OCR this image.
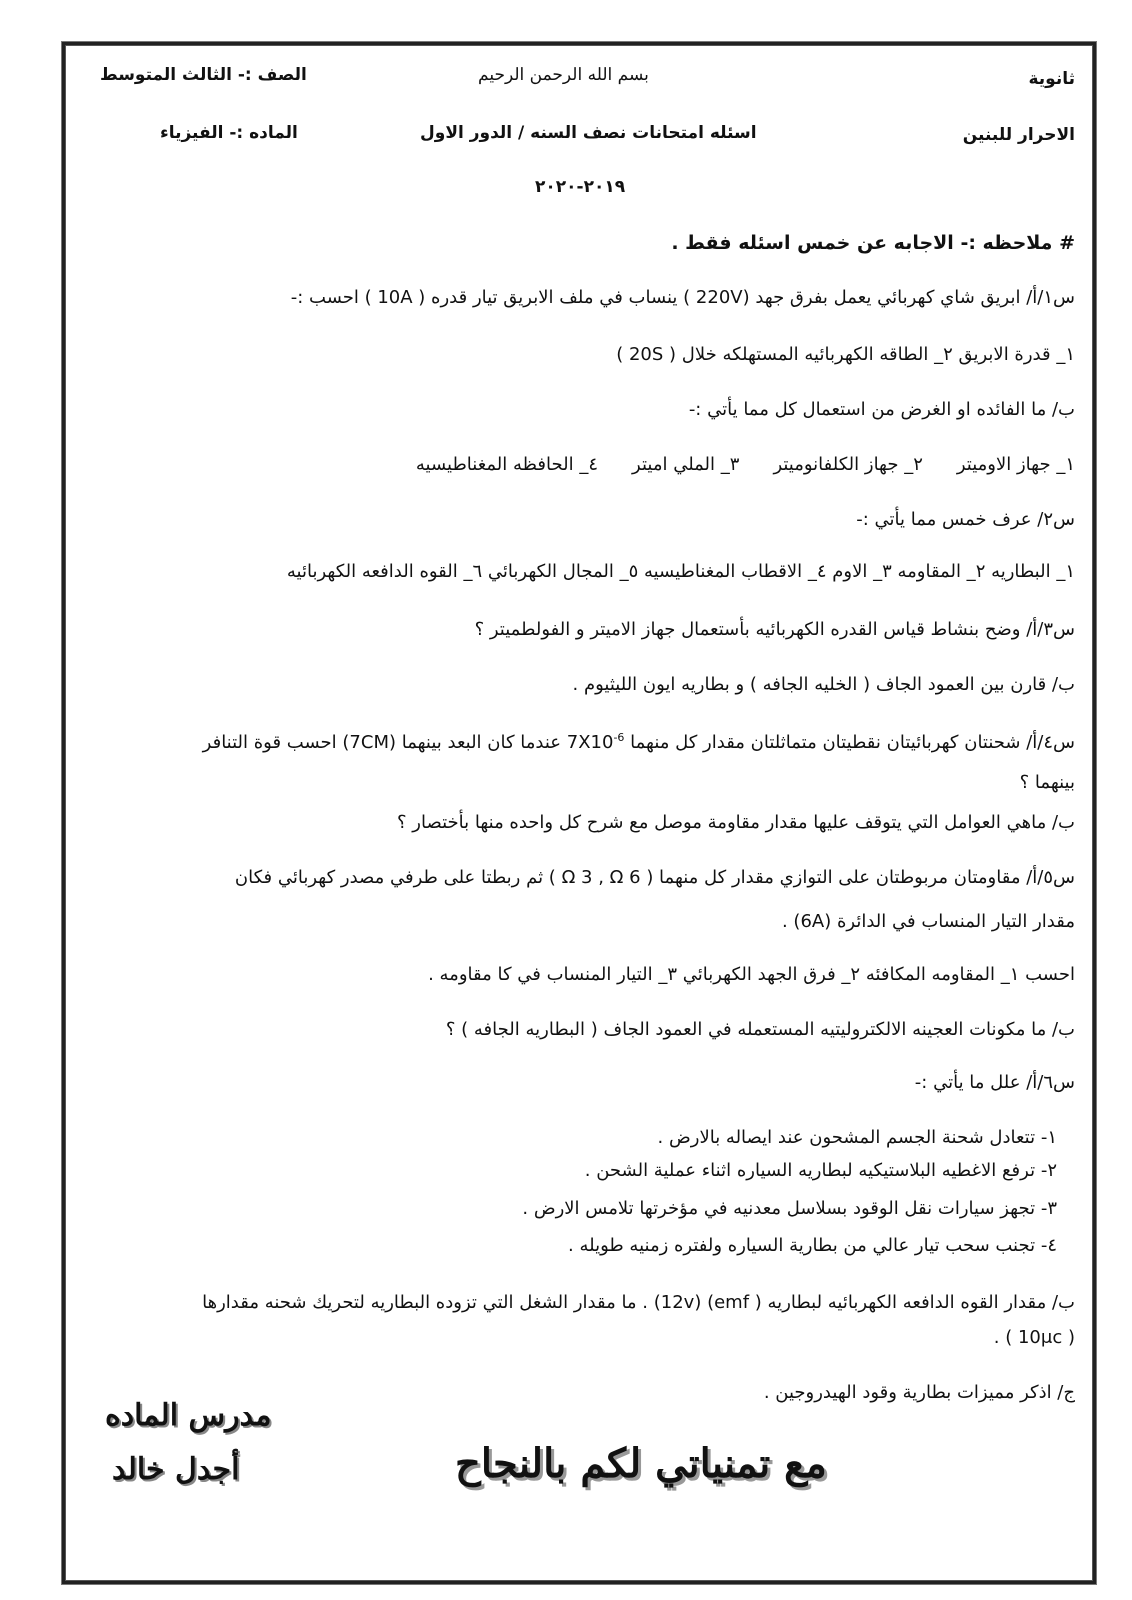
ثانوية
الاحرار للبنين
بسم الله الرحمن الرحيم
اسئله امتحانات نصف السنه / الدور الاول
٢٠١٩-٢٠٢٠
الصف :- الثالث المتوسط
الماده :- الفيزياء
# ملاحظه :- الاجابه عن خمس اسئله فقط .
س١/أ/ ابريق شاي كهربائي يعمل بفرق جهد (220V ) ينساب في ملف الابريق تيار قدره ( 10A ) احسب :-
١_ قدرة الابريق ٢_ الطاقه الكهربائيه المستهلكه خلال ( 20S )
ب/ ما الفائده او الغرض من استعمال كل مما يأتي :-
١_ جهاز الاوميتر٢_ جهاز الكلفانوميتر٣_ الملي اميتر٤_ الحافظه المغناطيسيه
س٢/ عرف خمس مما يأتي :-
١_ البطاريه ٢_ المقاومه ٣_ الاوم ٤_ الاقطاب المغناطيسيه ٥_ المجال الكهربائي ٦_ القوه الدافعه الكهربائيه
س٣/أ/ وضح بنشاط قياس القدره الكهربائيه بأستعمال جهاز الاميتر و الفولطميتر ؟
ب/ قارن بين العمود الجاف ( الخليه الجافه ) و بطاريه ايون الليثيوم .
س٤/أ/ شحنتان كهربائيتان نقطيتان متماثلتان مقدار كل منهما $7X10^{-6}$ عندما كان البعد بينهما (7CM) احسب قوة التنافر
بينهما ؟
ب/ ماهي العوامل التي يتوقف عليها مقدار مقاومة موصل مع شرح كل واحده منها بأختصار ؟
س٥/أ/ مقاومتان مربوطتان على التوازي مقدار كل منهما ( Ω 3 , Ω 6 ) ثم ربطتا على طرفي مصدر كهربائي فكان
مقدار التيار المنساب في الدائرة (6A) .
احسب ١_ المقاومه المكافئه ٢_ فرق الجهد الكهربائي ٣_ التيار المنساب في كا مقاومه .
ب/ ما مكونات العجينه الالكتروليتيه المستعمله في العمود الجاف ( البطاريه الجافه ) ؟
س٦/أ/ علل ما يأتي :-
١- تتعادل شحنة الجسم المشحون عند ايصاله بالارض .
٢- ترفع الاغطيه البلاستيكيه لبطاريه السياره اثناء عملية الشحن .
٣- تجهز سيارات نقل الوقود بسلاسل معدنيه في مؤخرتها تلامس الارض .
٤- تجنب سحب تيار عالي من بطارية السياره ولفتره زمنيه طويله .
ب/ مقدار القوه الدافعه الكهربائيه لبطاريه ( emf) (12v) . ما مقدار الشغل التي تزوده البطاريه لتحريك شحنه مقدارها
( 10μc ) .
ج/ اذكر مميزات بطارية وقود الهيدروجين .
مدرس الماده
أجدل خالد	مع تمنياتي لكم بالنجاح
